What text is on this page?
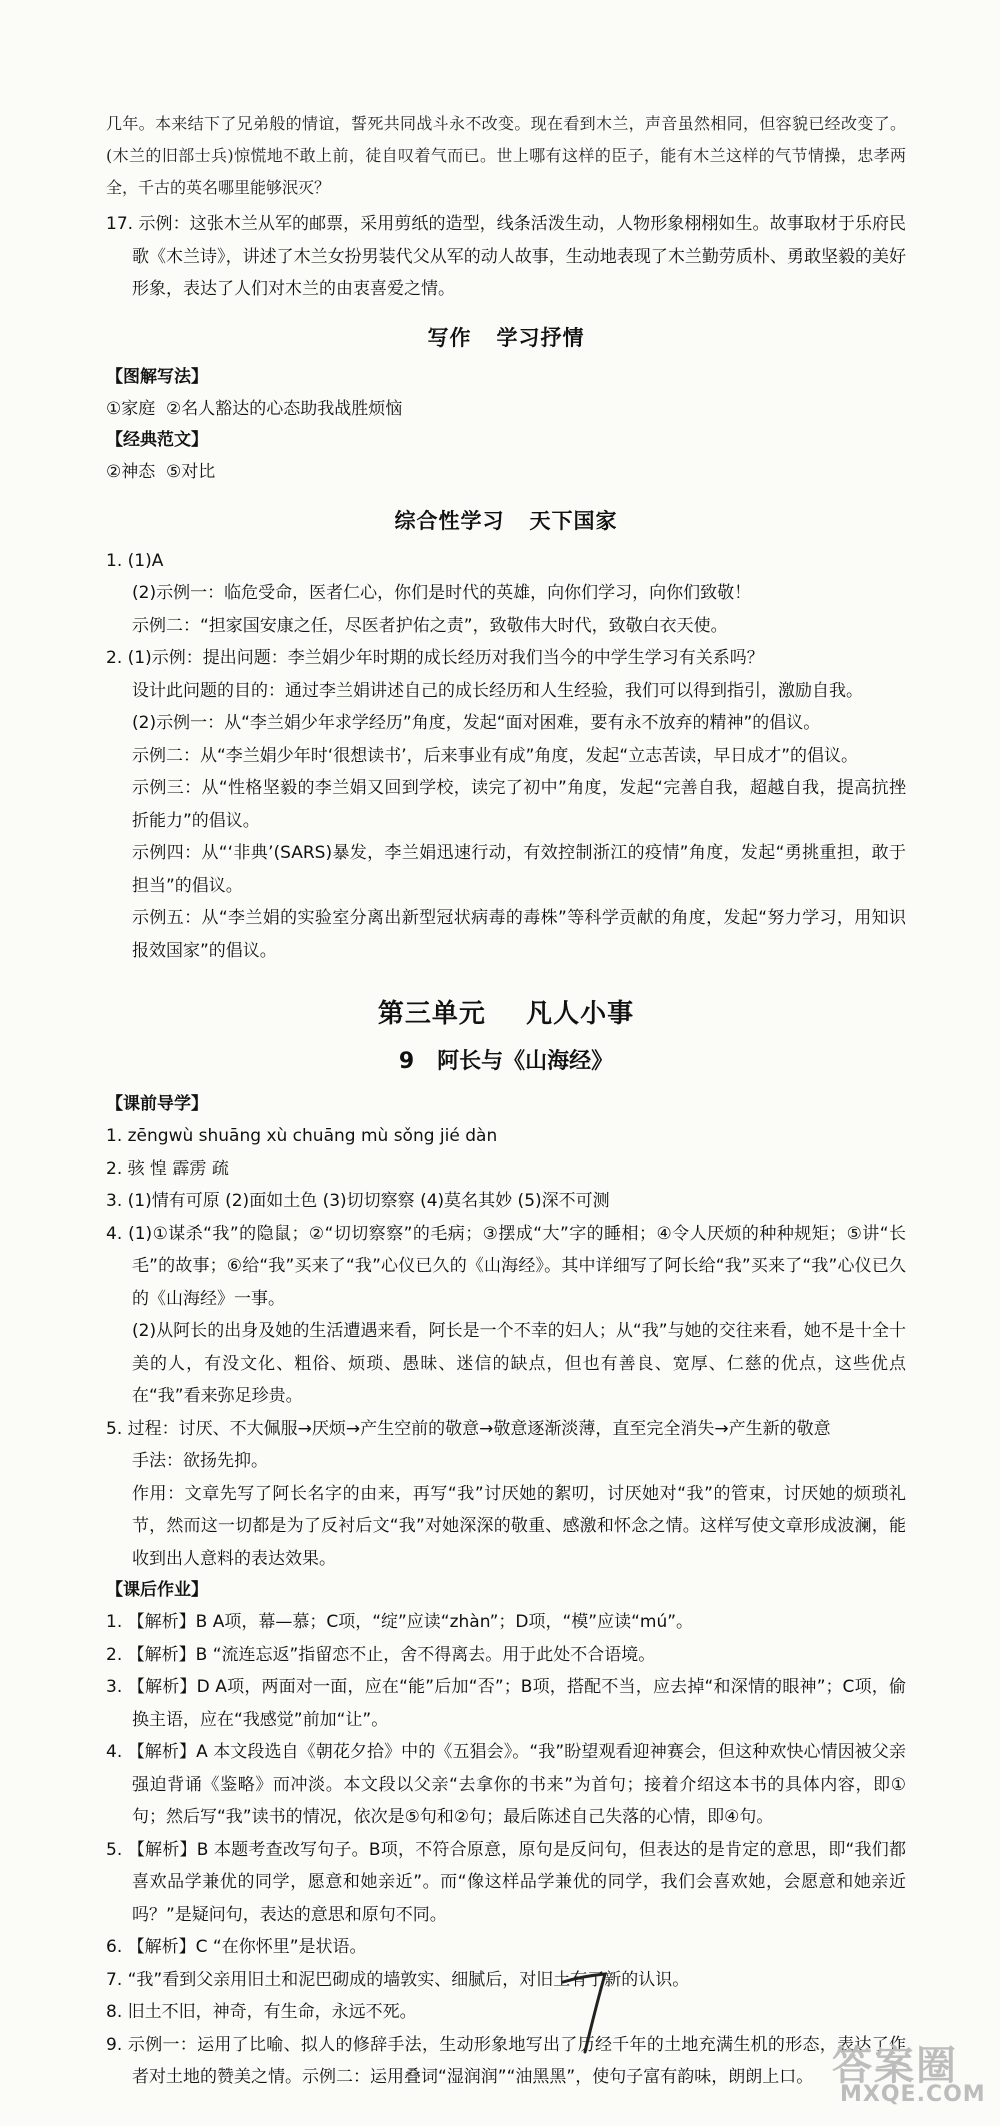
几年。本来结下了兄弟般的情谊，誓死共同战斗永不改变。现在看到木兰，声音虽然相同，但容貌已经改变了。(木兰的旧部士兵)惊慌地不敢上前，徒自叹着气而已。世上哪有这样的臣子，能有木兰这样的气节情操，忠孝两全，千古的英名哪里能够泯灭？

17. 示例：这张木兰从军的邮票，采用剪纸的造型，线条活泼生动，人物形象栩栩如生。故事取材于乐府民歌《木兰诗》，讲述了木兰女扮男装代父从军的动人故事，生动地表现了木兰勤劳质朴、勇敢坚毅的美好形象，表达了人们对木兰的由衷喜爱之情。

写作   学习抒情

【图解写法】

①家庭  ②名人豁达的心态助我战胜烦恼

【经典范文】

②神态  ⑤对比

综合性学习   天下国家

1. (1)A

(2)示例一：临危受命，医者仁心，你们是时代的英雄，向你们学习，向你们致敬！

示例二：“担家国安康之任，尽医者护佑之责”，致敬伟大时代，致敬白衣天使。

2. (1)示例：提出问题：李兰娟少年时期的成长经历对我们当今的中学生学习有关系吗？

设计此问题的目的：通过李兰娟讲述自己的成长经历和人生经验，我们可以得到指引，激励自我。

(2)示例一：从“李兰娟少年求学经历”角度，发起“面对困难，要有永不放弃的精神”的倡议。

示例二：从“李兰娟少年时‘很想读书’，后来事业有成”角度，发起“立志苦读，早日成才”的倡议。

示例三：从“性格坚毅的李兰娟又回到学校，读完了初中”角度，发起“完善自我，超越自我，提高抗挫折能力”的倡议。

示例四：从“‘非典’(SARS)暴发，李兰娟迅速行动，有效控制浙江的疫情”角度，发起“勇挑重担，敢于担当”的倡议。

示例五：从“李兰娟的实验室分离出新型冠状病毒的毒株”等科学贡献的角度，发起“努力学习，用知识报效国家”的倡议。

第三单元    凡人小事
9   阿长与《山海经》

【课前导学】

1. zēngwù shuāng xù chuāng mù sǒng jié dàn

2. 骇 惶 霹雳 疏

3. (1)情有可原 (2)面如土色 (3)切切察察 (4)莫名其妙 (5)深不可测

4. (1)①谋杀“我”的隐鼠；②“切切察察”的毛病；③摆成“大”字的睡相；④令人厌烦的种种规矩；⑤讲“长毛”的故事；⑥给“我”买来了“我”心仪已久的《山海经》。其中详细写了阿长给“我”买来了“我”心仪已久的《山海经》一事。

(2)从阿长的出身及她的生活遭遇来看，阿长是一个不幸的妇人；从“我”与她的交往来看，她不是十全十美的人，有没文化、粗俗、烦琐、愚昧、迷信的缺点，但也有善良、宽厚、仁慈的优点，这些优点在“我”看来弥足珍贵。

5. 过程：讨厌、不大佩服→厌烦→产生空前的敬意→敬意逐渐淡薄，直至完全消失→产生新的敬意

手法：欲扬先抑。

作用：文章先写了阿长名字的由来，再写“我”讨厌她的絮叨，讨厌她对“我”的管束，讨厌她的烦琐礼节，然而这一切都是为了反衬后文“我”对她深深的敬重、感激和怀念之情。这样写使文章形成波澜，能收到出人意料的表达效果。

【课后作业】

1. 【解析】B A项，幕—慕；C项，“绽”应读“zhàn”；D项，“模”应读“mú”。

2. 【解析】B “流连忘返”指留恋不止，舍不得离去。用于此处不合语境。

3. 【解析】D A项，两面对一面，应在“能”后加“否”；B项，搭配不当，应去掉“和深情的眼神”；C项，偷换主语，应在“我感觉”前加“让”。

4. 【解析】A 本文段选自《朝花夕拾》中的《五猖会》。“我”盼望观看迎神赛会，但这种欢快心情因被父亲强迫背诵《鉴略》而冲淡。本文段以父亲“去拿你的书来”为首句；接着介绍这本书的具体内容，即①句；然后写“我”读书的情况，依次是⑤句和②句；最后陈述自己失落的心情，即④句。

5. 【解析】B 本题考查改写句子。B项，不符合原意，原句是反问句，但表达的是肯定的意思，即“我们都喜欢品学兼优的同学，愿意和她亲近”。而“像这样品学兼优的同学，我们会喜欢她，会愿意和她亲近吗？”是疑问句，表达的意思和原句不同。

6. 【解析】C “在你怀里”是状语。

7. “我”看到父亲用旧土和泥巴砌成的墙敦实、细腻后，对旧土有了新的认识。

8. 旧土不旧，神奇，有生命，永远不死。

9. 示例一：运用了比喻、拟人的修辞手法，生动形象地写出了历经千年的土地充满生机的形态，表达了作者对土地的赞美之情。示例二：运用叠词“湿润润”“油黑黑”，使句子富有韵味，朗朗上口。 答案圈
MXQE.COM
